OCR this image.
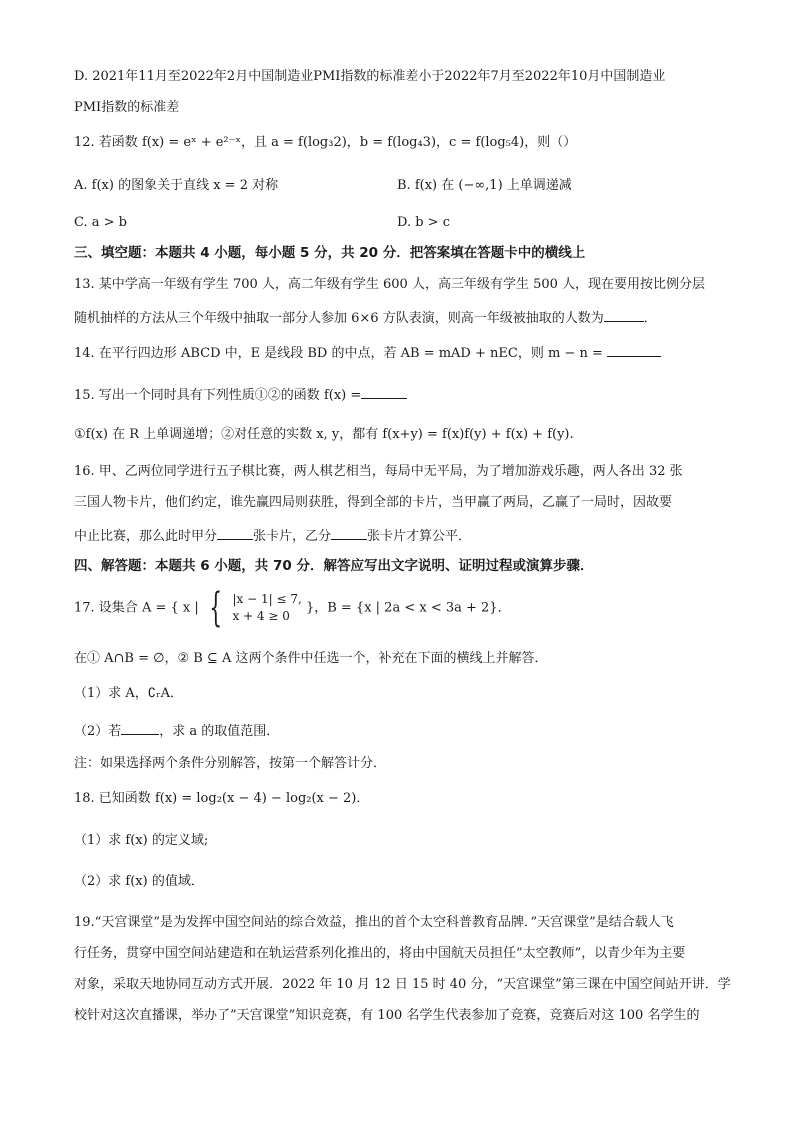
D. 2021年11月至2022年2月中国制造业PMI指数的标准差小于2022年7月至2022年10月中国制造业
PMI指数的标准差
12. 若函数 f(x) = eˣ + e²⁻ˣ，且 a = f(log₃2)，b = f(log₄3)，c = f(log₅4)，则（）
A. f(x) 的图象关于直线 x = 2 对称	B. f(x) 在 (−∞,1) 上单调递减
C. a > b	D. b > c
三、填空题：本题共 4 小题，每小题 5 分，共 20 分．把答案填在答题卡中的横线上
13. 某中学高一年级有学生 700 人，高二年级有学生 600 人，高三年级有学生 500 人，现在要用按比例分层
随机抽样的方法从三个年级中抽取一部分人参加 6×6 方队表演，则高一年级被抽取的人数为	．
14. 在平行四边形 ABCD 中，E 是线段 BD 的中点，若 AB = mAD + nEC，则 m − n =
15. 写出一个同时具有下列性质①②的函数 f(x) =
①f(x) 在 R 上单调递增；②对任意的实数 x, y，都有 f(x+y) = f(x)f(y) + f(x) + f(y).
16. 甲、乙两位同学进行五子棋比赛，两人棋艺相当，每局中无平局，为了增加游戏乐趣，两人各出 32 张
三国人物卡片，他们约定，谁先赢四局则获胜，得到全部的卡片，当甲赢了两局，乙赢了一局时，因故要
中止比赛，那么此时甲分	张卡片，乙分	张卡片才算公平．
四、解答题：本题共 6 小题，共 70 分．解答应写出文字说明、证明过程或演算步骤．
17. 设集合 A = { x | { |x − 1| ≤ 7,
x + 4 ≥ 0
}，B = {x | 2a < x < 3a + 2}．
在① A∩B = ∅，② B ⊆ A 这两个条件中任选一个，补充在下面的横线上并解答．
（1）求 A，∁ᵣA．
（2）若	，求 a 的取值范围．
注：如果选择两个条件分别解答，按第一个解答计分．
18. 已知函数 f(x) = log₂(x − 4) − log₂(x − 2)．
（1）求 f(x) 的定义域;
（2）求 f(x) 的值域．
19.“天宫课堂”是为发挥中国空间站的综合效益，推出的首个太空科普教育品牌．”天宫课堂”是结合载人飞
行任务，贯穿中国空间站建造和在轨运营系列化推出的，将由中国航天员担任”太空教师”，以青少年为主要
对象，采取天地协同互动方式开展．2022 年 10 月 12 日 15 时 40 分，“天宫课堂”第三课在中国空间站开讲．学
校针对这次直播课，举办了”天宫课堂”知识竞赛，有 100 名学生代表参加了竞赛，竞赛后对这 100 名学生的
